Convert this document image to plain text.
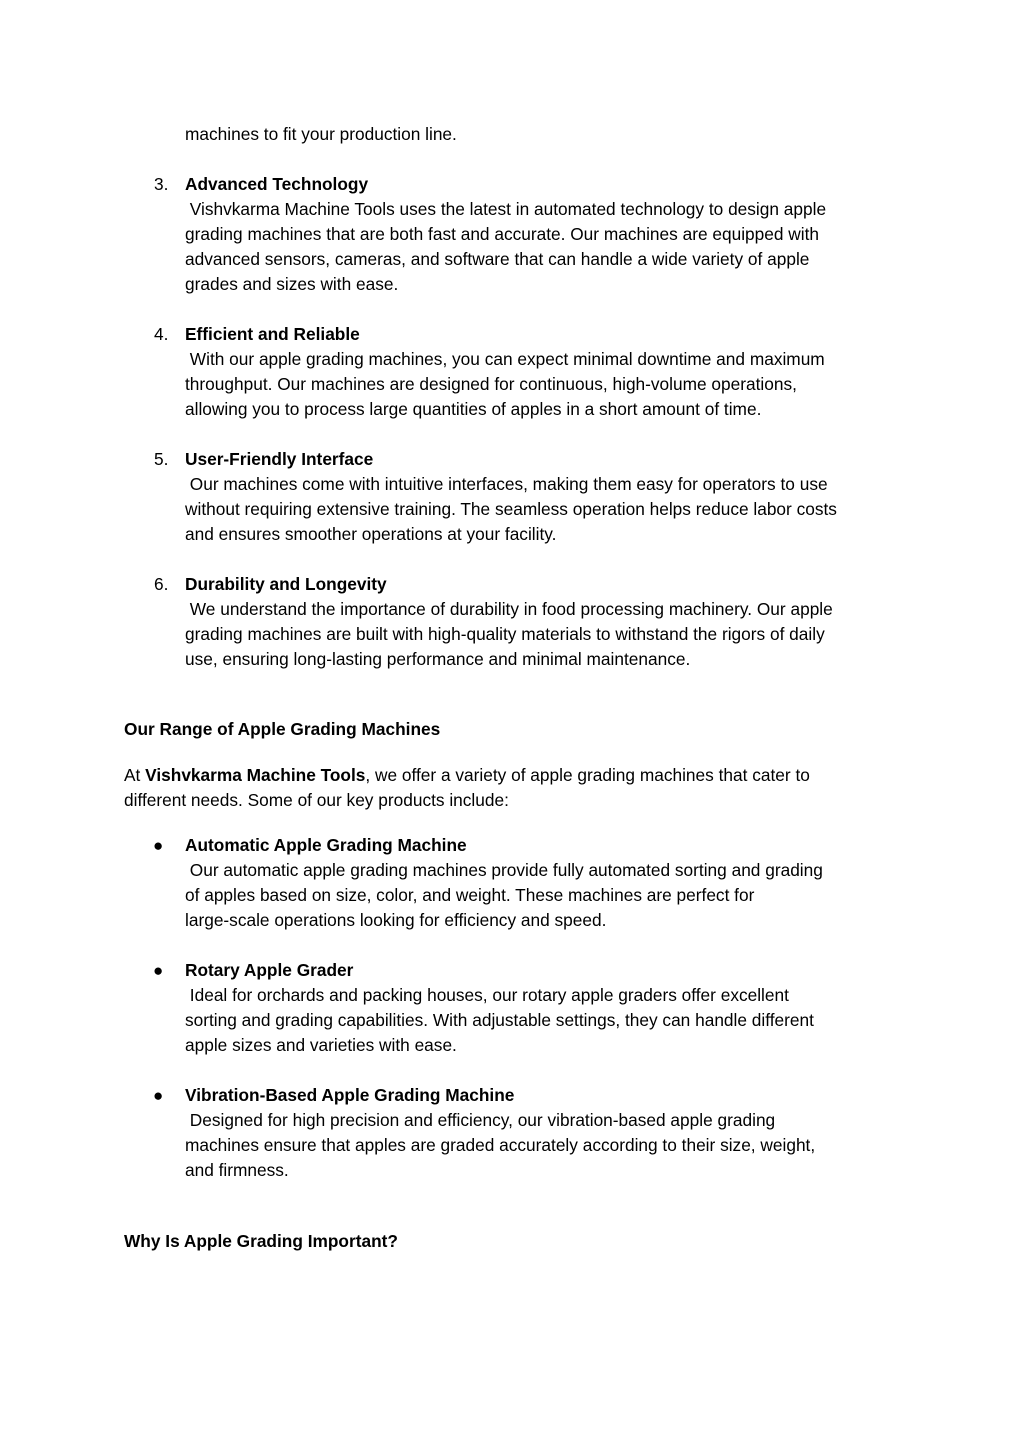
machines to fit your production line.
3. Advanced Technology

Vishvkarma Machine Tools uses the latest in automated technology to design apple

grading machines that are both fast and accurate. Our machines are equipped with

advanced sensors, cameras, and software that can handle a wide variety of apple

grades and sizes with ease.

4. Efficient and Reliable

With our apple grading machines, you can expect minimal downtime and maximum

throughput. Our machines are designed for continuous, high-volume operations,

allowing you to process large quantities of apples in a short amount of time.

5. User-Friendly Interface

Our machines come with intuitive interfaces, making them easy for operators to use

without requiring extensive training. The seamless operation helps reduce labor costs

and ensures smoother operations at your facility.

6. Durability and Longevity

We understand the importance of durability in food processing machinery. Our apple

grading machines are built with high-quality materials to withstand the rigors of daily

use, ensuring long-lasting performance and minimal maintenance.

Our Range of Apple Grading Machines

At Vishvkarma Machine Tools, we offer a variety of apple grading machines that cater to

different needs. Some of our key products include:

● Automatic Apple Grading Machine

Our automatic apple grading machines provide fully automated sorting and grading

of apples based on size, color, and weight. These machines are perfect for

large-scale operations looking for efficiency and speed.

● Rotary Apple Grader

Ideal for orchards and packing houses, our rotary apple graders offer excellent

sorting and grading capabilities. With adjustable settings, they can handle different

apple sizes and varieties with ease.

● Vibration-Based Apple Grading Machine

Designed for high precision and efficiency, our vibration-based apple grading

machines ensure that apples are graded accurately according to their size, weight,

and firmness.

Why Is Apple Grading Important?
